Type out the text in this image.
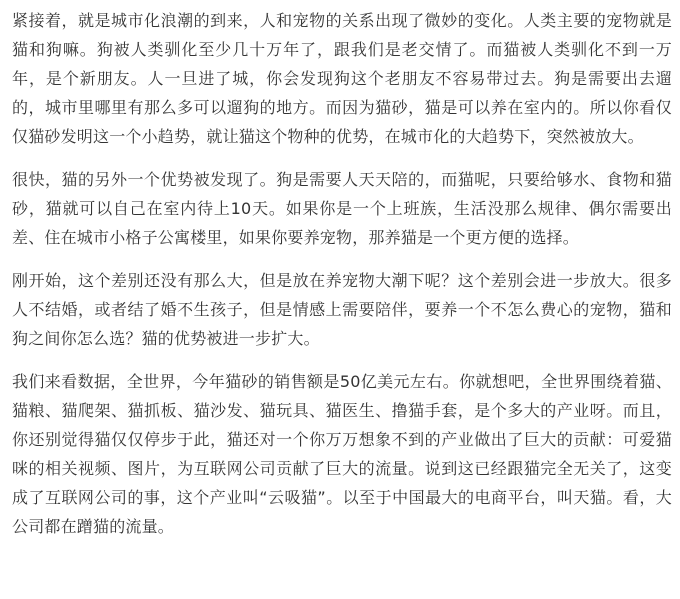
紧接着，就是城市化浪潮的到来，人和宠物的关系出现了微妙的变化。人类主要的宠物就是猫和狗嘛。狗被人类驯化至少几十万年了，跟我们是老交情了。而猫被人类驯化不到一万年，是个新朋友。人一旦进了城，你会发现狗这个老朋友不容易带过去。狗是需要出去遛的，城市里哪里有那么多可以遛狗的地方。而因为猫砂，猫是可以养在室内的。所以你看仅仅猫砂发明这一个小趋势，就让猫这个物种的优势，在城市化的大趋势下，突然被放大。

很快，猫的另外一个优势被发现了。狗是需要人天天陪的，而猫呢，只要给够水、食物和猫砂，猫就可以自己在室内待上10天。如果你是一个上班族，生活没那么规律、偶尔需要出差、住在城市小格子公寓楼里，如果你要养宠物，那养猫是一个更方便的选择。

刚开始，这个差别还没有那么大，但是放在养宠物大潮下呢？这个差别会进一步放大。很多人不结婚，或者结了婚不生孩子，但是情感上需要陪伴，要养一个不怎么费心的宠物，猫和狗之间你怎么选？猫的优势被进一步扩大。

我们来看数据，全世界，今年猫砂的销售额是50亿美元左右。你就想吧，全世界围绕着猫、猫粮、猫爬架、猫抓板、猫沙发、猫玩具、猫医生、撸猫手套，是个多大的产业呀。而且，你还别觉得猫仅仅停步于此，猫还对一个你万万想象不到的产业做出了巨大的贡献：可爱猫咪的相关视频、图片，为互联网公司贡献了巨大的流量。说到这已经跟猫完全无关了，这变成了互联网公司的事，这个产业叫“云吸猫”。以至于中国最大的电商平台，叫天猫。看，大公司都在蹭猫的流量。
